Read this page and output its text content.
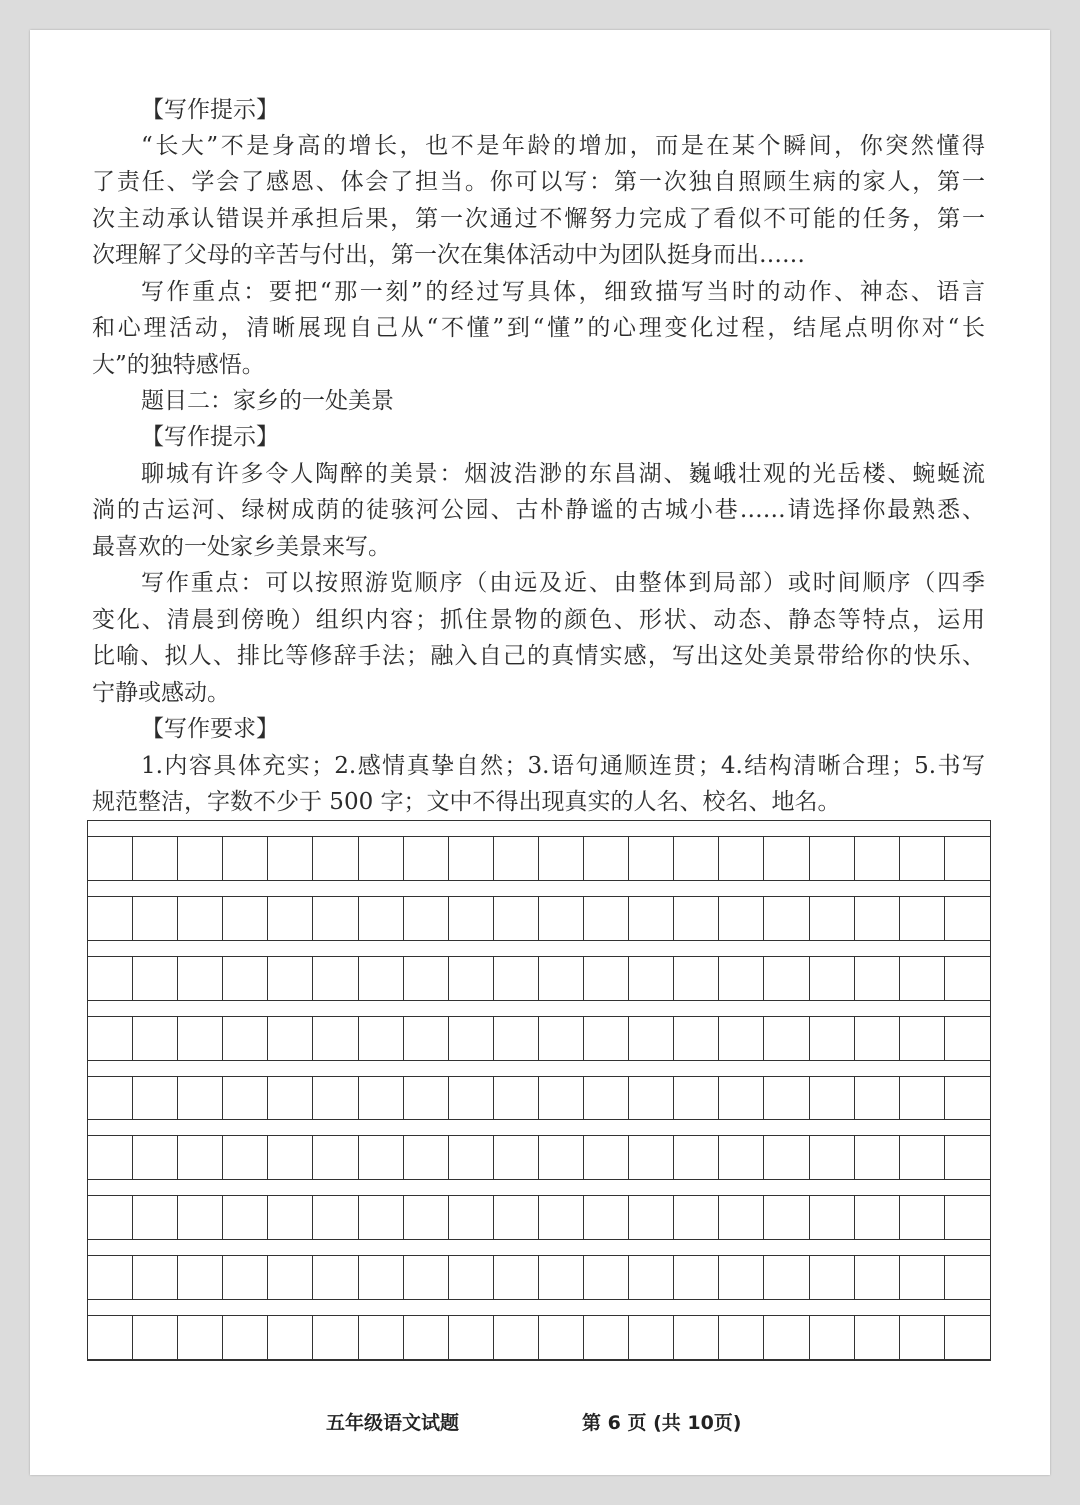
【写作提示】
“长大”不是身高的增长，也不是年龄的增加，而是在某个瞬间，你突然懂得
了责任、学会了感恩、体会了担当。你可以写：第一次独自照顾生病的家人，第一
次主动承认错误并承担后果，第一次通过不懈努力完成了看似不可能的任务，第一
次理解了父母的辛苦与付出，第一次在集体活动中为团队挺身而出……
写作重点：要把“那一刻”的经过写具体，细致描写当时的动作、神态、语言
和心理活动，清晰展现自己从“不懂”到“懂”的心理变化过程，结尾点明你对“长
大”的独特感悟。
题目二：家乡的一处美景
【写作提示】
聊城有许多令人陶醉的美景：烟波浩渺的东昌湖、巍峨壮观的光岳楼、蜿蜒流
淌的古运河、绿树成荫的徒骇河公园、古朴静谧的古城小巷……请选择你最熟悉、
最喜欢的一处家乡美景来写。
写作重点：可以按照游览顺序（由远及近、由整体到局部）或时间顺序（四季
变化、清晨到傍晚）组织内容；抓住景物的颜色、形状、动态、静态等特点，运用
比喻、拟人、排比等修辞手法；融入自己的真情实感，写出这处美景带给你的快乐、
宁静或感动。
【写作要求】
1.内容具体充实；2.感情真挚自然；3.语句通顺连贯；4.结构清晰合理；5.书写
规范整洁，字数不少于 500 字；文中不得出现真实的人名、校名、地名。
五年级语文试题	第 6 页 (共 10页)
